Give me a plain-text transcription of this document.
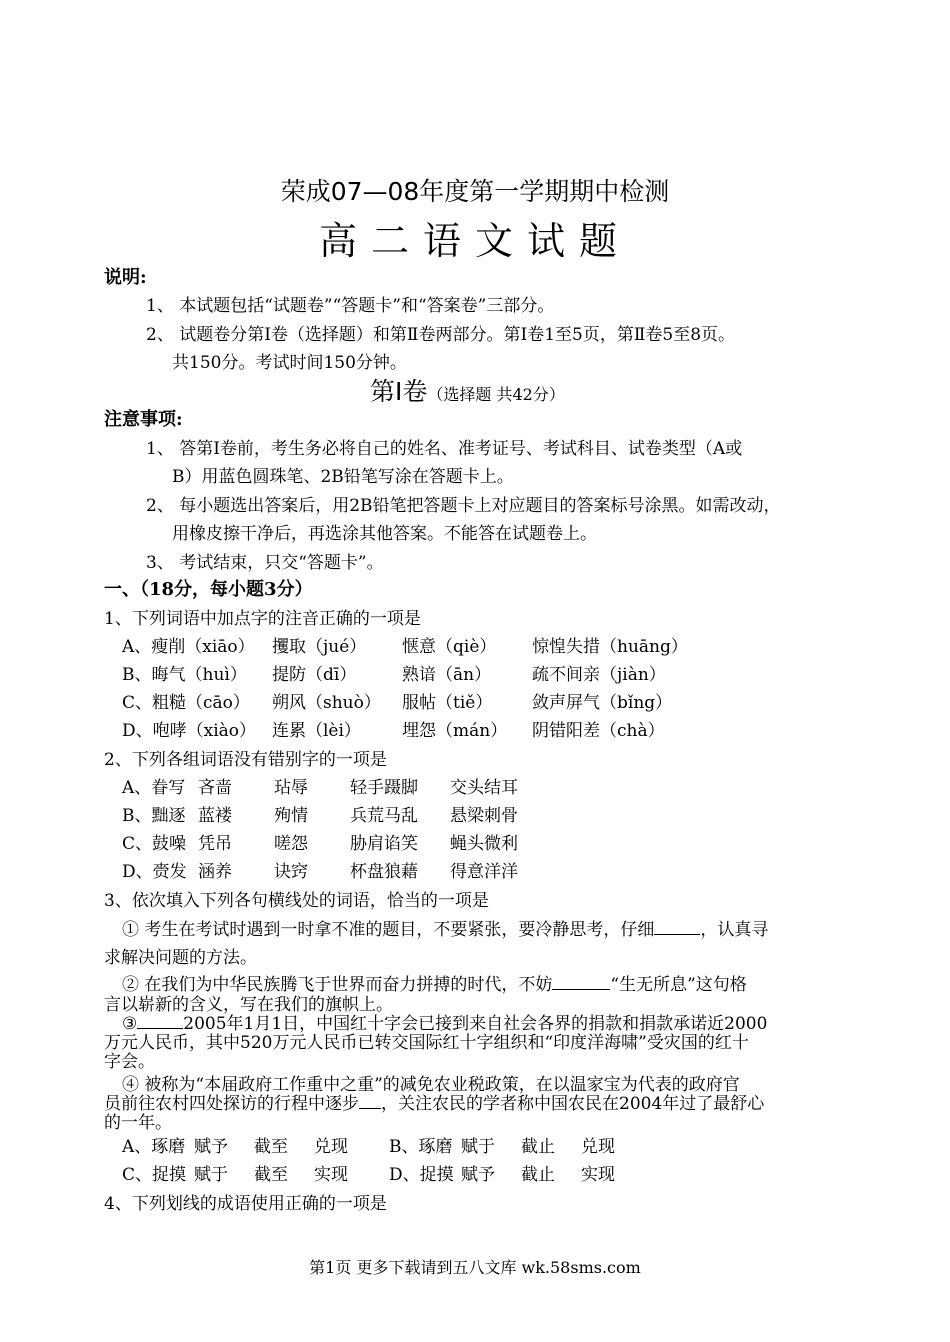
荣成07—08年度第一学期期中检测
高二语文试题
说明:
1、 本试题包括“试题卷”“答题卡”和“答案卷”三部分。
2、 试题卷分第Ⅰ卷（选择题）和第Ⅱ卷两部分。第Ⅰ卷1至5页，第Ⅱ卷5至8页。
共150分。考试时间150分钟。
第Ⅰ卷（选择题 共42分）
注意事项:
1、 答第Ⅰ卷前，考生务必将自己的姓名、准考证号、考试科目、试卷类型（A或
B）用蓝色圆珠笔、2B铅笔写涂在答题卡上。
2、 每小题选出答案后，用2B铅笔把答题卡上对应题目的答案标号涂黑。如需改动，
用橡皮擦干净后，再选涂其他答案。不能答在试题卷上。
3、 考试结束，只交“答题卡”。
一、（18分，每小题3分）
1、下列词语中加点字的注音正确的一项是
A、瘦削（xiāo） 攫取（jué） 惬意（qiè） 惊惶失措（huāng）
B、晦气（huì） 提防（dī）	熟谙（ān） 疏不间亲（jiàn）
C、粗糙（cāo） 朔风（shuò） 服帖（tiě） 敛声屏气（bǐng）
D、咆哮（xiào） 连累（lèi） 埋怨（mán） 阴错阳差（chà）
2、下列各组词语没有错别字的一项是
A、眷写 吝啬 玷辱 轻手蹑脚 交头结耳
B、黜逐 蓝褛 殉情 兵荒马乱 悬梁刺骨
C、鼓噪 凭吊 嗟怨 胁肩谄笑 蝇头微利
D、赍发 涵养 诀窍 杯盘狼藉 得意洋洋
3、依次填入下列各句横线处的词语，恰当的一项是
① 考生在考试时遇到一时拿不准的题目，不要紧张，要冷静思考，仔细	，认真寻
求解决问题的方法。
② 在我们为中华民族腾飞于世界而奋力拼搏的时代，不妨	“生无所息”这句格
言以崭新的含义，写在我们的旗帜上。
③	2005年1月1日，中国红十字会已接到来自社会各界的捐款和捐款承诺近2000
万元人民币，其中520万元人民币已转交国际红十字组织和“印度洋海啸”受灾国的红十
字会。
④ 被称为“本届政府工作重中之重”的减免农业税政策，在以温家宝为代表的政府官
员前往农村四处探访的行程中逐步 ，关注农民的学者称中国农民在2004年过了最舒心
的一年。
A、琢磨 赋予 截至 兑现	B、琢磨 赋于 截止 兑现
C、捉摸 赋于 截至 实现	D、捉摸 赋予 截止 实现
4、下列划线的成语使用正确的一项是
第1页 更多下载请到五八文库 wk.58sms.com
